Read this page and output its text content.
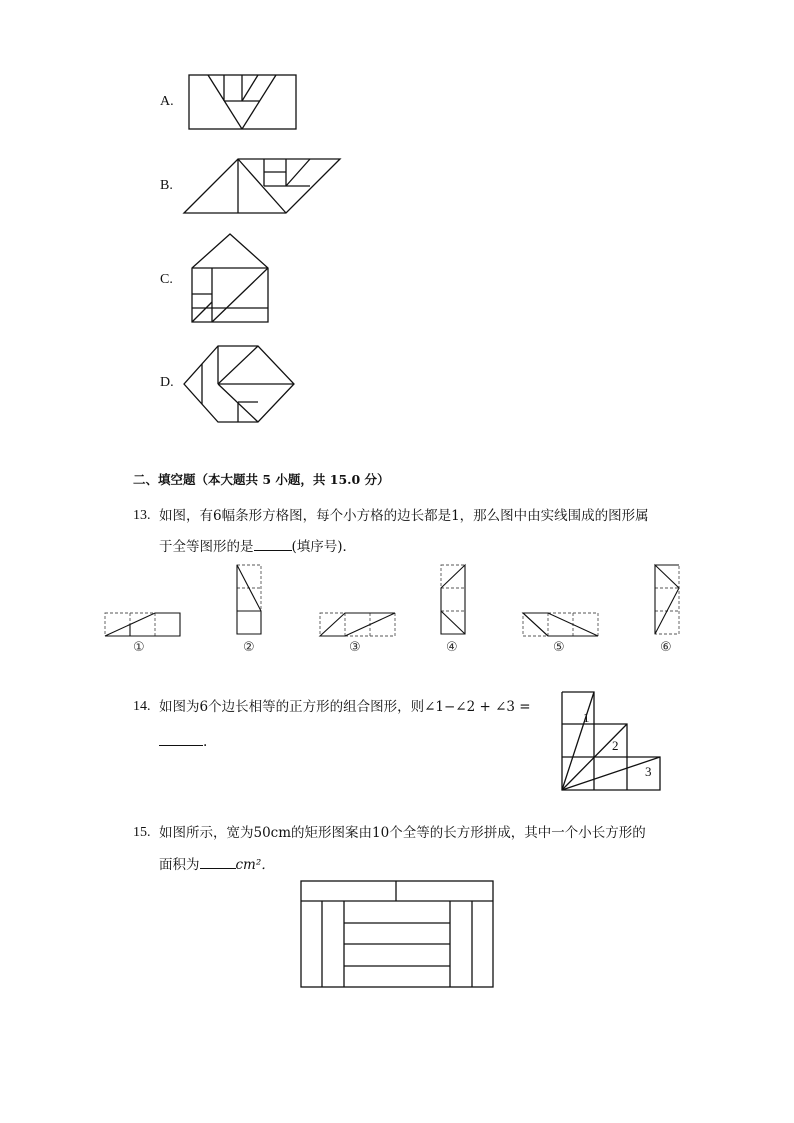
A.
B.
C.
D.
二、填空题（本大题共 5 小题，共 15.0 分）
13. 如图，有6幅条形方格图，每个小方格的边长都是1，那么图中由实线围成的图形属
于全等图形的是	(填序号)．
①	②	③	④	⑤	⑥
14. 如图为6个边长相等的正方形的组合图形，则∠1−∠2 + ∠3 =
.
1
2
3
15. 如图所示，宽为50cm的矩形图案由10个全等的长方形拼成，其中一个小长方形的
面积为	cm²．
